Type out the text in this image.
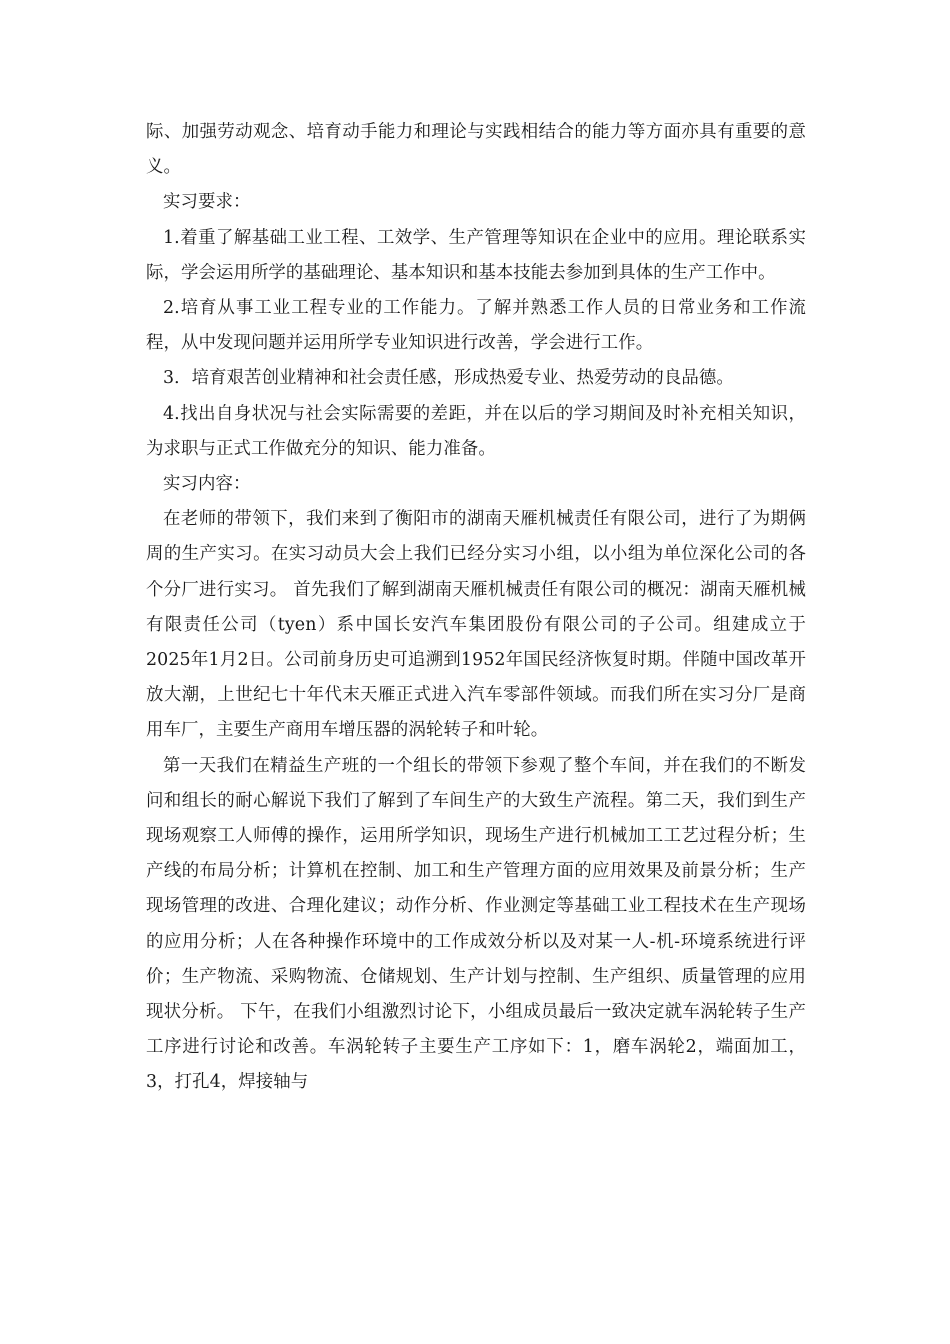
际、加强劳动观念、培育动手能力和理论与实践相结合的能力等方面亦具有重要的意义。

实习要求：

1.着重了解基础工业工程、工效学、生产管理等知识在企业中的应用。理论联系实际，学会运用所学的基础理论、基本知识和基本技能去参加到具体的生产工作中。

2.培育从事工业工程专业的工作能力。了解并熟悉工作人员的日常业务和工作流程，从中发现问题并运用所学专业知识进行改善，学会进行工作。

3．培育艰苦创业精神和社会责任感，形成热爱专业、热爱劳动的良品德。

4.找出自身状况与社会实际需要的差距，并在以后的学习期间及时补充相关知识，为求职与正式工作做充分的知识、能力准备。

实习内容：

在老师的带领下，我们来到了衡阳市的湖南天雁机械责任有限公司，进行了为期俩周的生产实习。在实习动员大会上我们已经分实习小组，以小组为单位深化公司的各个分厂进行实习。 首先我们了解到湖南天雁机械责任有限公司的概况：湖南天雁机械有限责任公司（tyen）系中国长安汽车集团股份有限公司的子公司。组建成立于2025年1月2日。公司前身历史可追溯到1952年国民经济恢复时期。伴随中国改革开放大潮，上世纪七十年代末天雁正式进入汽车零部件领域。而我们所在实习分厂是商用车厂，主要生产商用车增压器的涡轮转子和叶轮。

第一天我们在精益生产班的一个组长的带领下参观了整个车间，并在我们的不断发问和组长的耐心解说下我们了解到了车间生产的大致生产流程。第二天，我们到生产现场观察工人师傅的操作，运用所学知识，现场生产进行机械加工工艺过程分析；生产线的布局分析；计算机在控制、加工和生产管理方面的应用效果及前景分析；生产现场管理的改进、合理化建议；动作分析、作业测定等基础工业工程技术在生产现场的应用分析；人在各种操作环境中的工作成效分析以及对某一人-机-环境系统进行评价；生产物流、采购物流、仓储规划、生产计划与控制、生产组织、质量管理的应用现状分析。 下午，在我们小组激烈讨论下，小组成员最后一致决定就车涡轮转子生产工序进行讨论和改善。车涡轮转子主要生产工序如下：1，磨车涡轮2，端面加工，3，打孔4，焊接轴与
